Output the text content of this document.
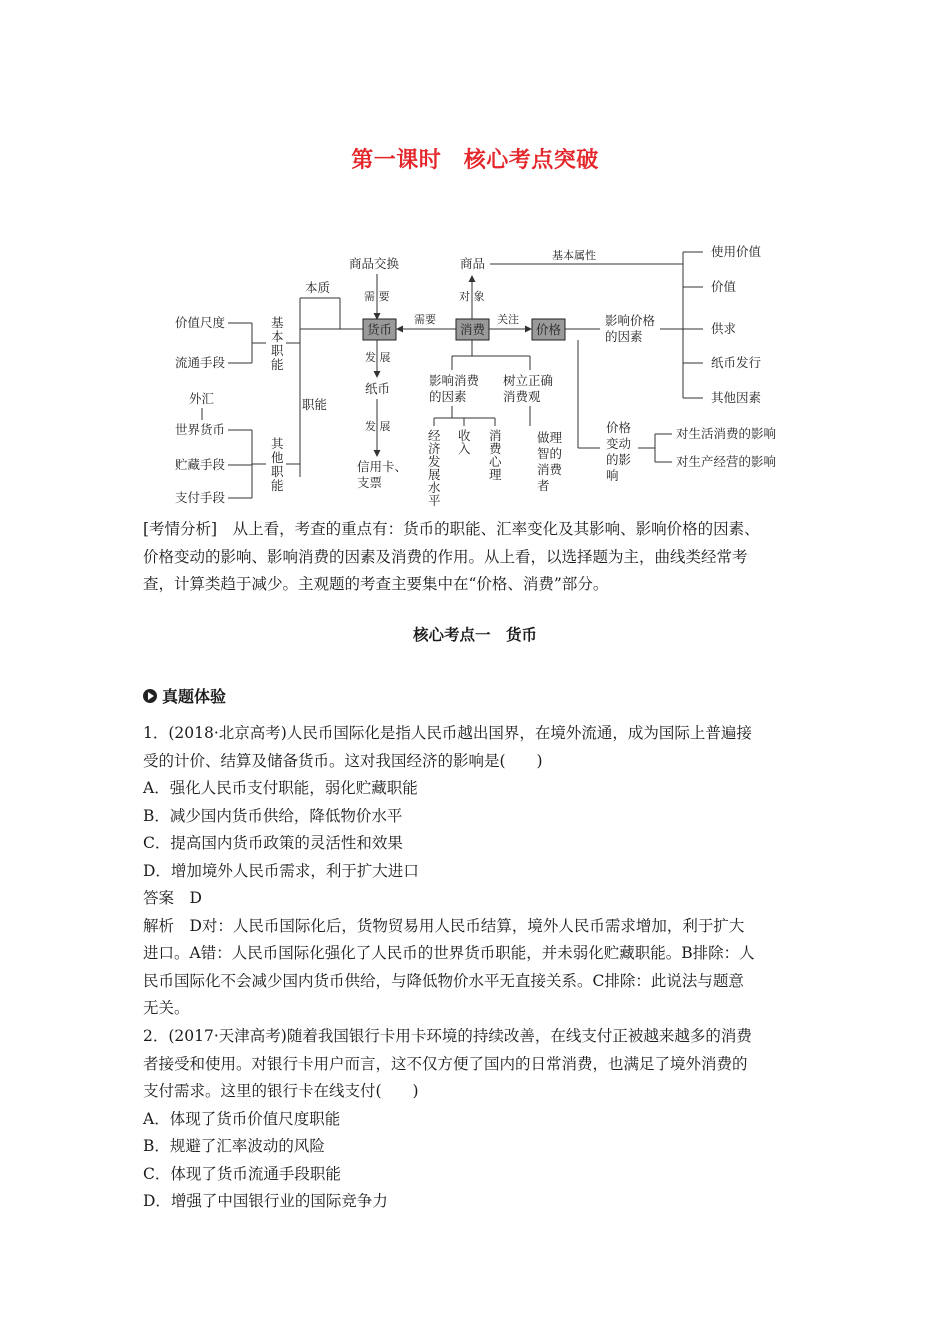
第一课时　核心考点突破
商品交换
需 要
货币
本质
职能
需要
消费
商品
对 象
基本属性	使用价值
价值
关注
价格
影响价格
的因素
供求
纸币发行
其他因素
价格
变动
的影
响
对生活消费的影响
对生产经营的影响
影响消费
的因素
树立正确
消费观
经
济
发
展
水
平
收
入
消
费
心
理
做理
智的
消费
者
发 展
纸币
发 展
信用卡、
支票
价值尺度
流通手段
基
本
职
能
外汇
世界货币
贮藏手段
支付手段
其
他
职
能
[考情分析]　从上看，考查的重点有：货币的职能、汇率变化及其影响、影响价格的因素、
价格变动的影响、影响消费的因素及消费的作用。从上看，以选择题为主，曲线类经常考
查，计算类趋于减少。主观题的考查主要集中在“价格、消费”部分。
核心考点一　货币
真题体验
1．(2018·北京高考)人民币国际化是指人民币越出国界，在境外流通，成为国际上普遍接
受的计价、结算及储备货币。这对我国经济的影响是(　　)
A．强化人民币支付职能，弱化贮藏职能
B．减少国内货币供给，降低物价水平
C．提高国内货币政策的灵活性和效果
D．增加境外人民币需求，利于扩大进口
答案　D
解析　D对：人民币国际化后，货物贸易用人民币结算，境外人民币需求增加，利于扩大
进口。A错：人民币国际化强化了人民币的世界货币职能，并未弱化贮藏职能。B排除：人
民币国际化不会减少国内货币供给，与降低物价水平无直接关系。C排除：此说法与题意
无关。
2．(2017·天津高考)随着我国银行卡用卡环境的持续改善，在线支付正被越来越多的消费
者接受和使用。对银行卡用户而言，这不仅方便了国内的日常消费，也满足了境外消费的
支付需求。这里的银行卡在线支付(　　)
A．体现了货币价值尺度职能
B．规避了汇率波动的风险
C．体现了货币流通手段职能
D．增强了中国银行业的国际竞争力
